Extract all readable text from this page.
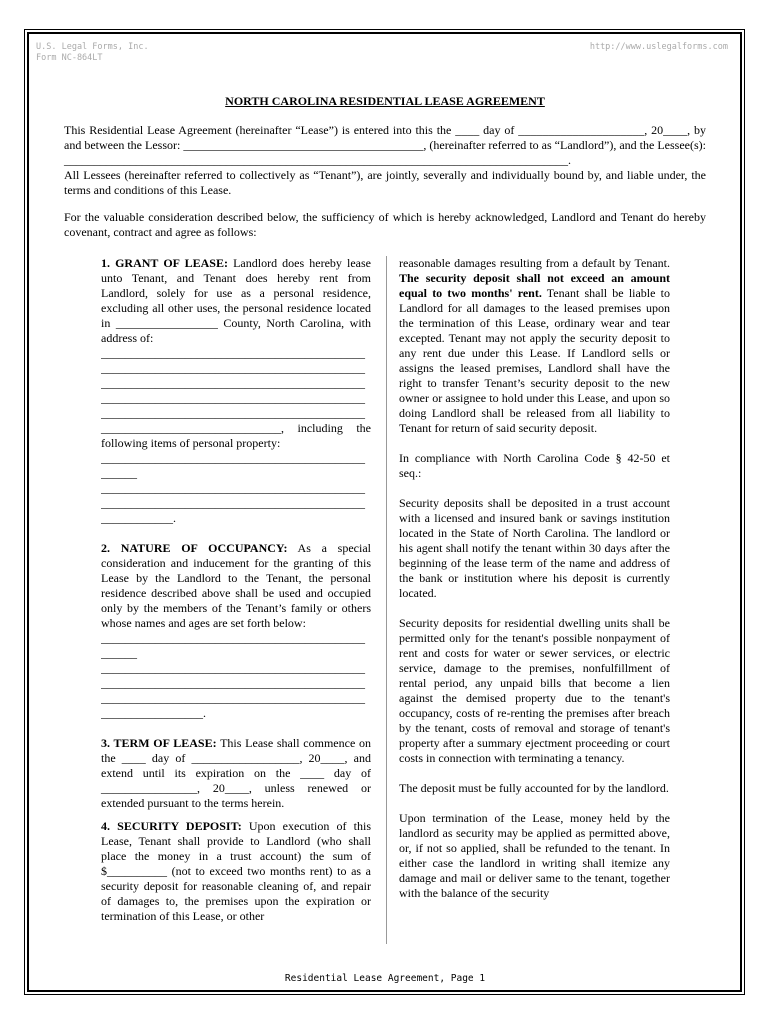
U.S. Legal Forms, Inc.
Form NC-864LT
http://www.uslegalforms.com
NORTH CAROLINA RESIDENTIAL LEASE AGREEMENT
This Residential Lease Agreement (hereinafter “Lease”) is entered into this the ____ day of _____________________, 20____, by and between the Lessor: ________________________________________, (hereinafter referred to as “Landlord”), and the Lessee(s): ____________________________________________________________________________________.
All Lessees (hereinafter referred to collectively as “Tenant”), are jointly, severally and individually bound by, and liable under, the terms and conditions of this Lease.
For the valuable consideration described below, the sufficiency of which is hereby acknowledged, Landlord and Tenant do hereby covenant, contract and agree as follows:

1. GRANT OF LEASE: Landlord does hereby lease unto Tenant, and Tenant does hereby rent from Landlord, solely for use as a personal residence, excluding all other uses, the personal residence located in _________________ County, North Carolina, with address of:

____________________________________________
____________________________________________
____________________________________________
____________________________________________
____________________________________________

______________________________, including the following items of personal property:

____________________________________________
______
____________________________________________
____________________________________________
____________.

2. NATURE OF OCCUPANCY: As a special consideration and inducement for the granting of this Lease by the Landlord to the Tenant, the personal residence described above shall be used and occupied only by the members of the Tenant’s family or others whose names and ages are set forth below:

____________________________________________
______
____________________________________________
____________________________________________
____________________________________________
_________________.

3. TERM OF LEASE: This Lease shall commence on the ____ day of __________________, 20____, and extend until its expiration on the ____ day of ________________, 20____, unless renewed or extended pursuant to the terms herein.

4. SECURITY DEPOSIT: Upon execution of this Lease, Tenant shall provide to Landlord (who shall place the money in a trust account) the sum of $__________ (not to exceed two months rent) to as a security deposit for reasonable cleaning of, and repair of damages to, the premises upon the expiration or termination of this Lease, or other

reasonable damages resulting from a default by Tenant. The security deposit shall not exceed an amount equal to two months' rent. Tenant shall be liable to Landlord for all damages to the leased premises upon the termination of this Lease, ordinary wear and tear excepted. Tenant may not apply the security deposit to any rent due under this Lease. If Landlord sells or assigns the leased premises, Landlord shall have the right to transfer Tenant’s security deposit to the new owner or assignee to hold under this Lease, and upon so doing Landlord shall be released from all liability to Tenant for return of said security deposit.

In compliance with North Carolina Code § 42-50 et seq.:

Security deposits shall be deposited in a trust account with a licensed and insured bank or savings institution located in the State of North Carolina. The landlord or his agent shall notify the tenant within 30 days after the beginning of the lease term of the name and address of the bank or institution where his deposit is currently located.

Security deposits for residential dwelling units shall be permitted only for the tenant's possible nonpayment of rent and costs for water or sewer services, or electric service, damage to the premises, nonfulfillment of rental period, any unpaid bills that become a lien against the demised property due to the tenant's occupancy, costs of re-renting the premises after breach by the tenant, costs of removal and storage of tenant's property after a summary ejectment proceeding or court costs in connection with terminating a tenancy.

The deposit must be fully accounted for by the landlord.

Upon termination of the Lease, money held by the landlord as security may be applied as permitted above, or, if not so applied, shall be refunded to the tenant. In either case the landlord in writing shall itemize any damage and mail or deliver same to the tenant, together with the balance of the security

Residential Lease Agreement, Page 1
